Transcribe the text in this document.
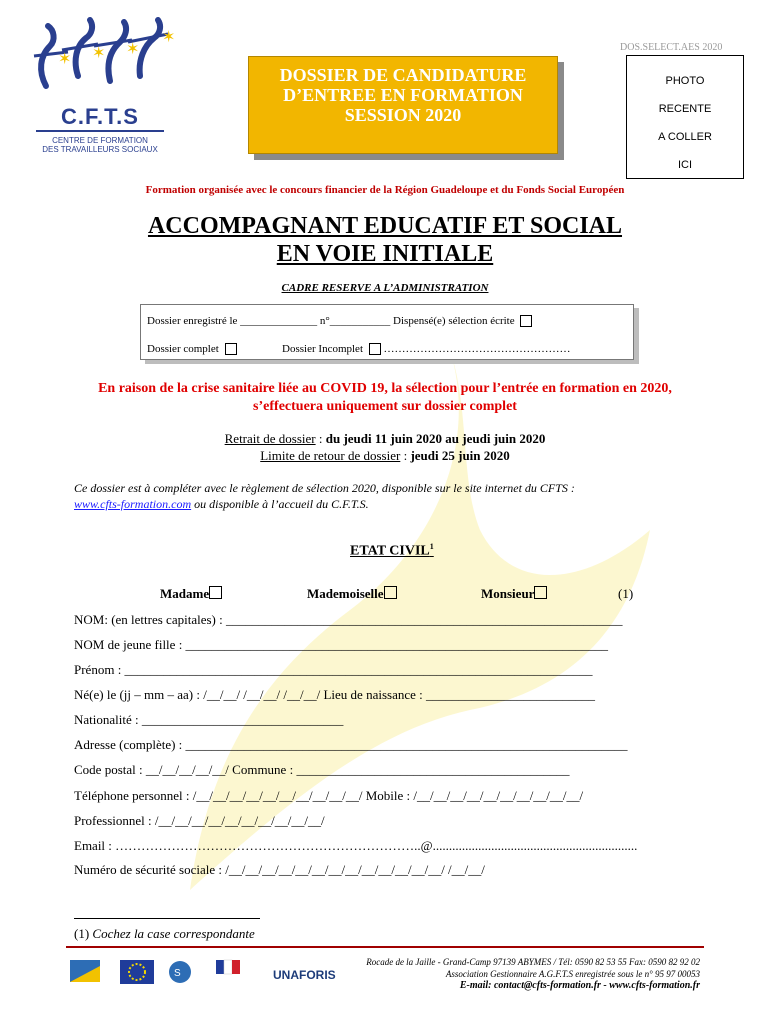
✶ ✶ ✶
✶
C.F.T.S
CENTRE DE FORMATION
DES TRAVAILLEURS SOCIAUX
DOS.SELECT.AES 2020
DOSSIER DE CANDIDATURE
D’ENTREE EN FORMATION
SESSION 2020
PHOTO
RECENTE
A COLLER
ICI
Formation organisée avec le concours financier de la Région Guadeloupe et du Fonds Social Européen
ACCOMPAGNANT EDUCATIF ET SOCIAL
EN VOIE INITIALE
CADRE RESERVE A L’ADMINISTRATION
Dossier enregistré le ______________ n°___________ Dispensé(e) sélection écrite
Dossier complet	Dossier Incomplet ……………………………………………
En raison de la crise sanitaire liée au COVID 19, la sélection pour l’entrée en formation en 2020,
s’effectuera uniquement sur dossier complet
Retrait de dossier : du jeudi 11 juin 2020 au jeudi juin 2020
Limite de retour de dossier : jeudi 25 juin 2020
Ce dossier est à compléter avec le règlement de sélection 2020, disponible sur le site internet du CFTS :
www.cfts-formation.com ou disponible à l’accueil du C.F.T.S.
ETAT CIVIL$^1$
Madame	Mademoiselle	Monsieur	(1)
NOM: (en lettres capitales) : _____________________________________________________________
NOM de jeune fille : _________________________________________________________________
Prénom : ________________________________________________________________________
Né(e) le (jj – mm – aa) : /__/__/ /__/__/ /__/__/ Lieu de naissance : __________________________
Nationalité : _______________________________
Adresse (complète) : ____________________________________________________________________
Code postal : __/__/__/__/__/ Commune : __________________________________________
Téléphone personnel : /__/__/__/__/__/__/__/__/__/__/ Mobile : /__/__/__/__/__/__/__/__/__/__/
Professionnel : /__/__/__/__/__/__/__/__/__/__/
Email : ……………………………………………………………..@...............................................................
Numéro de sécurité sociale : /__/__/__/__/__/__/__/__/__/__/__/__/__/ /__/__/
(1) Cochez la case correspondante
S	UNAFORIS
Rocade de la Jaille - Grand-Camp 97139 ABYMES / Tél: 0590 82 53 55 Fax: 0590 82 92 02
Association Gestionnaire A.G.F.T.S enregistrée sous le n° 95 97 00053
E-mail: contact@cfts-formation.fr - www.cfts-formation.fr
